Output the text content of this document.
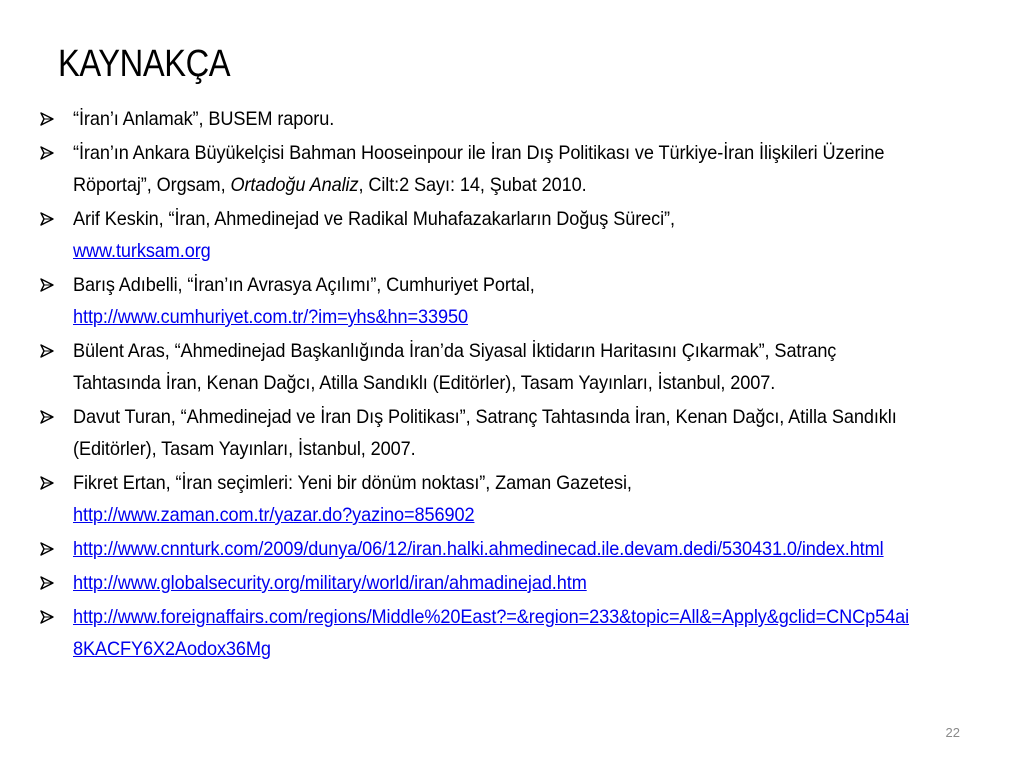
KAYNAKÇA
“İran’ı Anlamak”, BUSEM raporu.
“İran’ın Ankara Büyükelçisi Bahman Hooseinpour ile İran Dış Politikası ve Türkiye-İran İlişkileri Üzerine Röportaj”, Orgsam, Ortadoğu Analiz, Cilt:2 Sayı: 14, Şubat 2010.
Arif Keskin, “İran, Ahmedinejad ve Radikal Muhafazakarların Doğuş Süreci”,
www.turksam.org
Barış Adıbelli, “İran’ın Avrasya Açılımı”, Cumhuriyet Portal,
http://www.cumhuriyet.com.tr/?im=yhs&hn=33950
Bülent Aras, “Ahmedinejad Başkanlığında İran’da Siyasal İktidarın Haritasını Çıkarmak”, Satranç Tahtasında İran, Kenan Dağcı, Atilla Sandıklı (Editörler), Tasam Yayınları, İstanbul, 2007.
Davut Turan, “Ahmedinejad ve İran Dış Politikası”, Satranç Tahtasında İran, Kenan Dağcı, Atilla Sandıklı (Editörler), Tasam Yayınları, İstanbul, 2007.
Fikret Ertan, “İran seçimleri: Yeni bir dönüm noktası”, Zaman Gazetesi,
http://www.zaman.com.tr/yazar.do?yazino=856902
http://www.cnnturk.com/2009/dunya/06/12/iran.halki.ahmedinecad.ile.devam.dedi/530431.0/index.html
http://www.globalsecurity.org/military/world/iran/ahmadinejad.htm
http://www.foreignaffairs.com/regions/Middle%20East?=&region=233&topic=All&=Apply&gclid=CNCp54ai8KACFY6X2Aodox36Mg
22
